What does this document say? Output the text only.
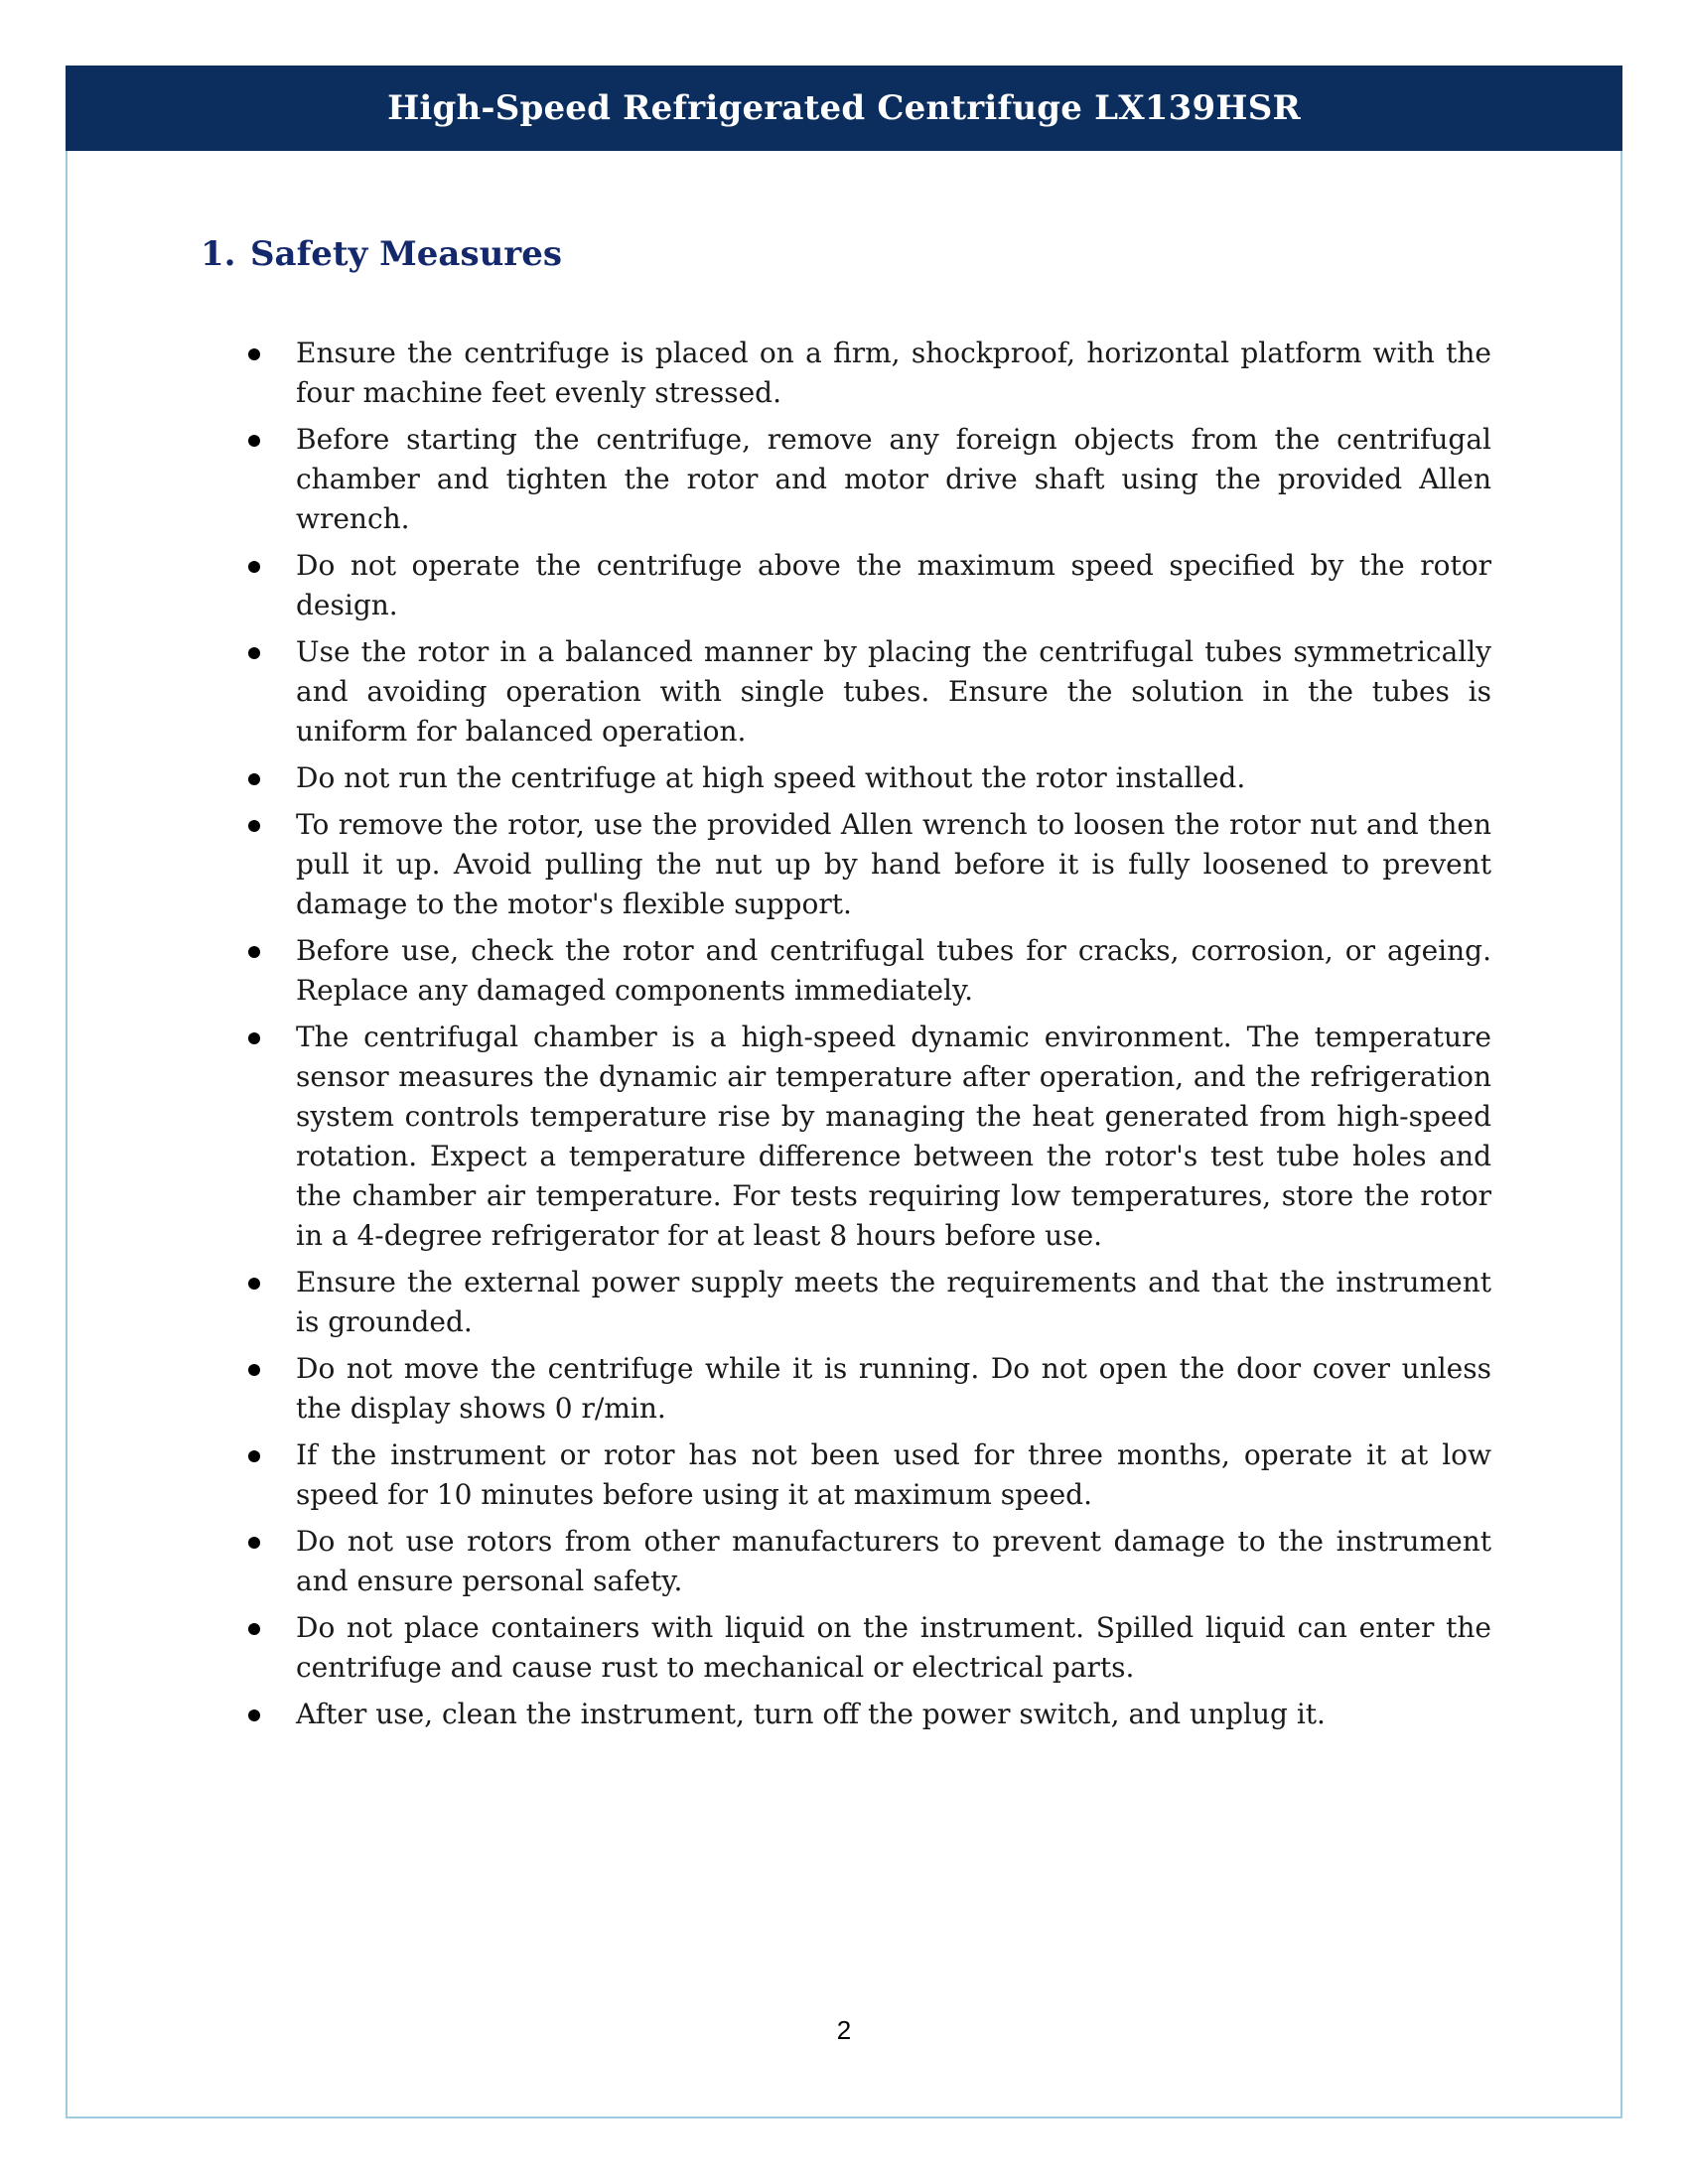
High-Speed Refrigerated Centrifuge LX139HSR
1. Safety Measures
Ensure the centrifuge is placed on a firm, shockproof, horizontal platform with the four machine feet evenly stressed.
Before starting the centrifuge, remove any foreign objects from the centrifugal chamber and tighten the rotor and motor drive shaft using the provided Allen wrench.
Do not operate the centrifuge above the maximum speed specified by the rotor design.
Use the rotor in a balanced manner by placing the centrifugal tubes symmetrically and avoiding operation with single tubes. Ensure the solution in the tubes is uniform for balanced operation.
Do not run the centrifuge at high speed without the rotor installed.
To remove the rotor, use the provided Allen wrench to loosen the rotor nut and then pull it up. Avoid pulling the nut up by hand before it is fully loosened to prevent damage to the motor's flexible support.
Before use, check the rotor and centrifugal tubes for cracks, corrosion, or ageing. Replace any damaged components immediately.
The centrifugal chamber is a high-speed dynamic environment. The temperature sensor measures the dynamic air temperature after operation, and the refrigeration system controls temperature rise by managing the heat generated from high-speed rotation. Expect a temperature difference between the rotor's test tube holes and the chamber air temperature. For tests requiring low temperatures, store the rotor in a 4-degree refrigerator for at least 8 hours before use.
Ensure the external power supply meets the requirements and that the instrument is grounded.
Do not move the centrifuge while it is running. Do not open the door cover unless the display shows 0 r/min.
If the instrument or rotor has not been used for three months, operate it at low speed for 10 minutes before using it at maximum speed.
Do not use rotors from other manufacturers to prevent damage to the instrument and ensure personal safety.
Do not place containers with liquid on the instrument. Spilled liquid can enter the centrifuge and cause rust to mechanical or electrical parts.
After use, clean the instrument, turn off the power switch, and unplug it.
2
